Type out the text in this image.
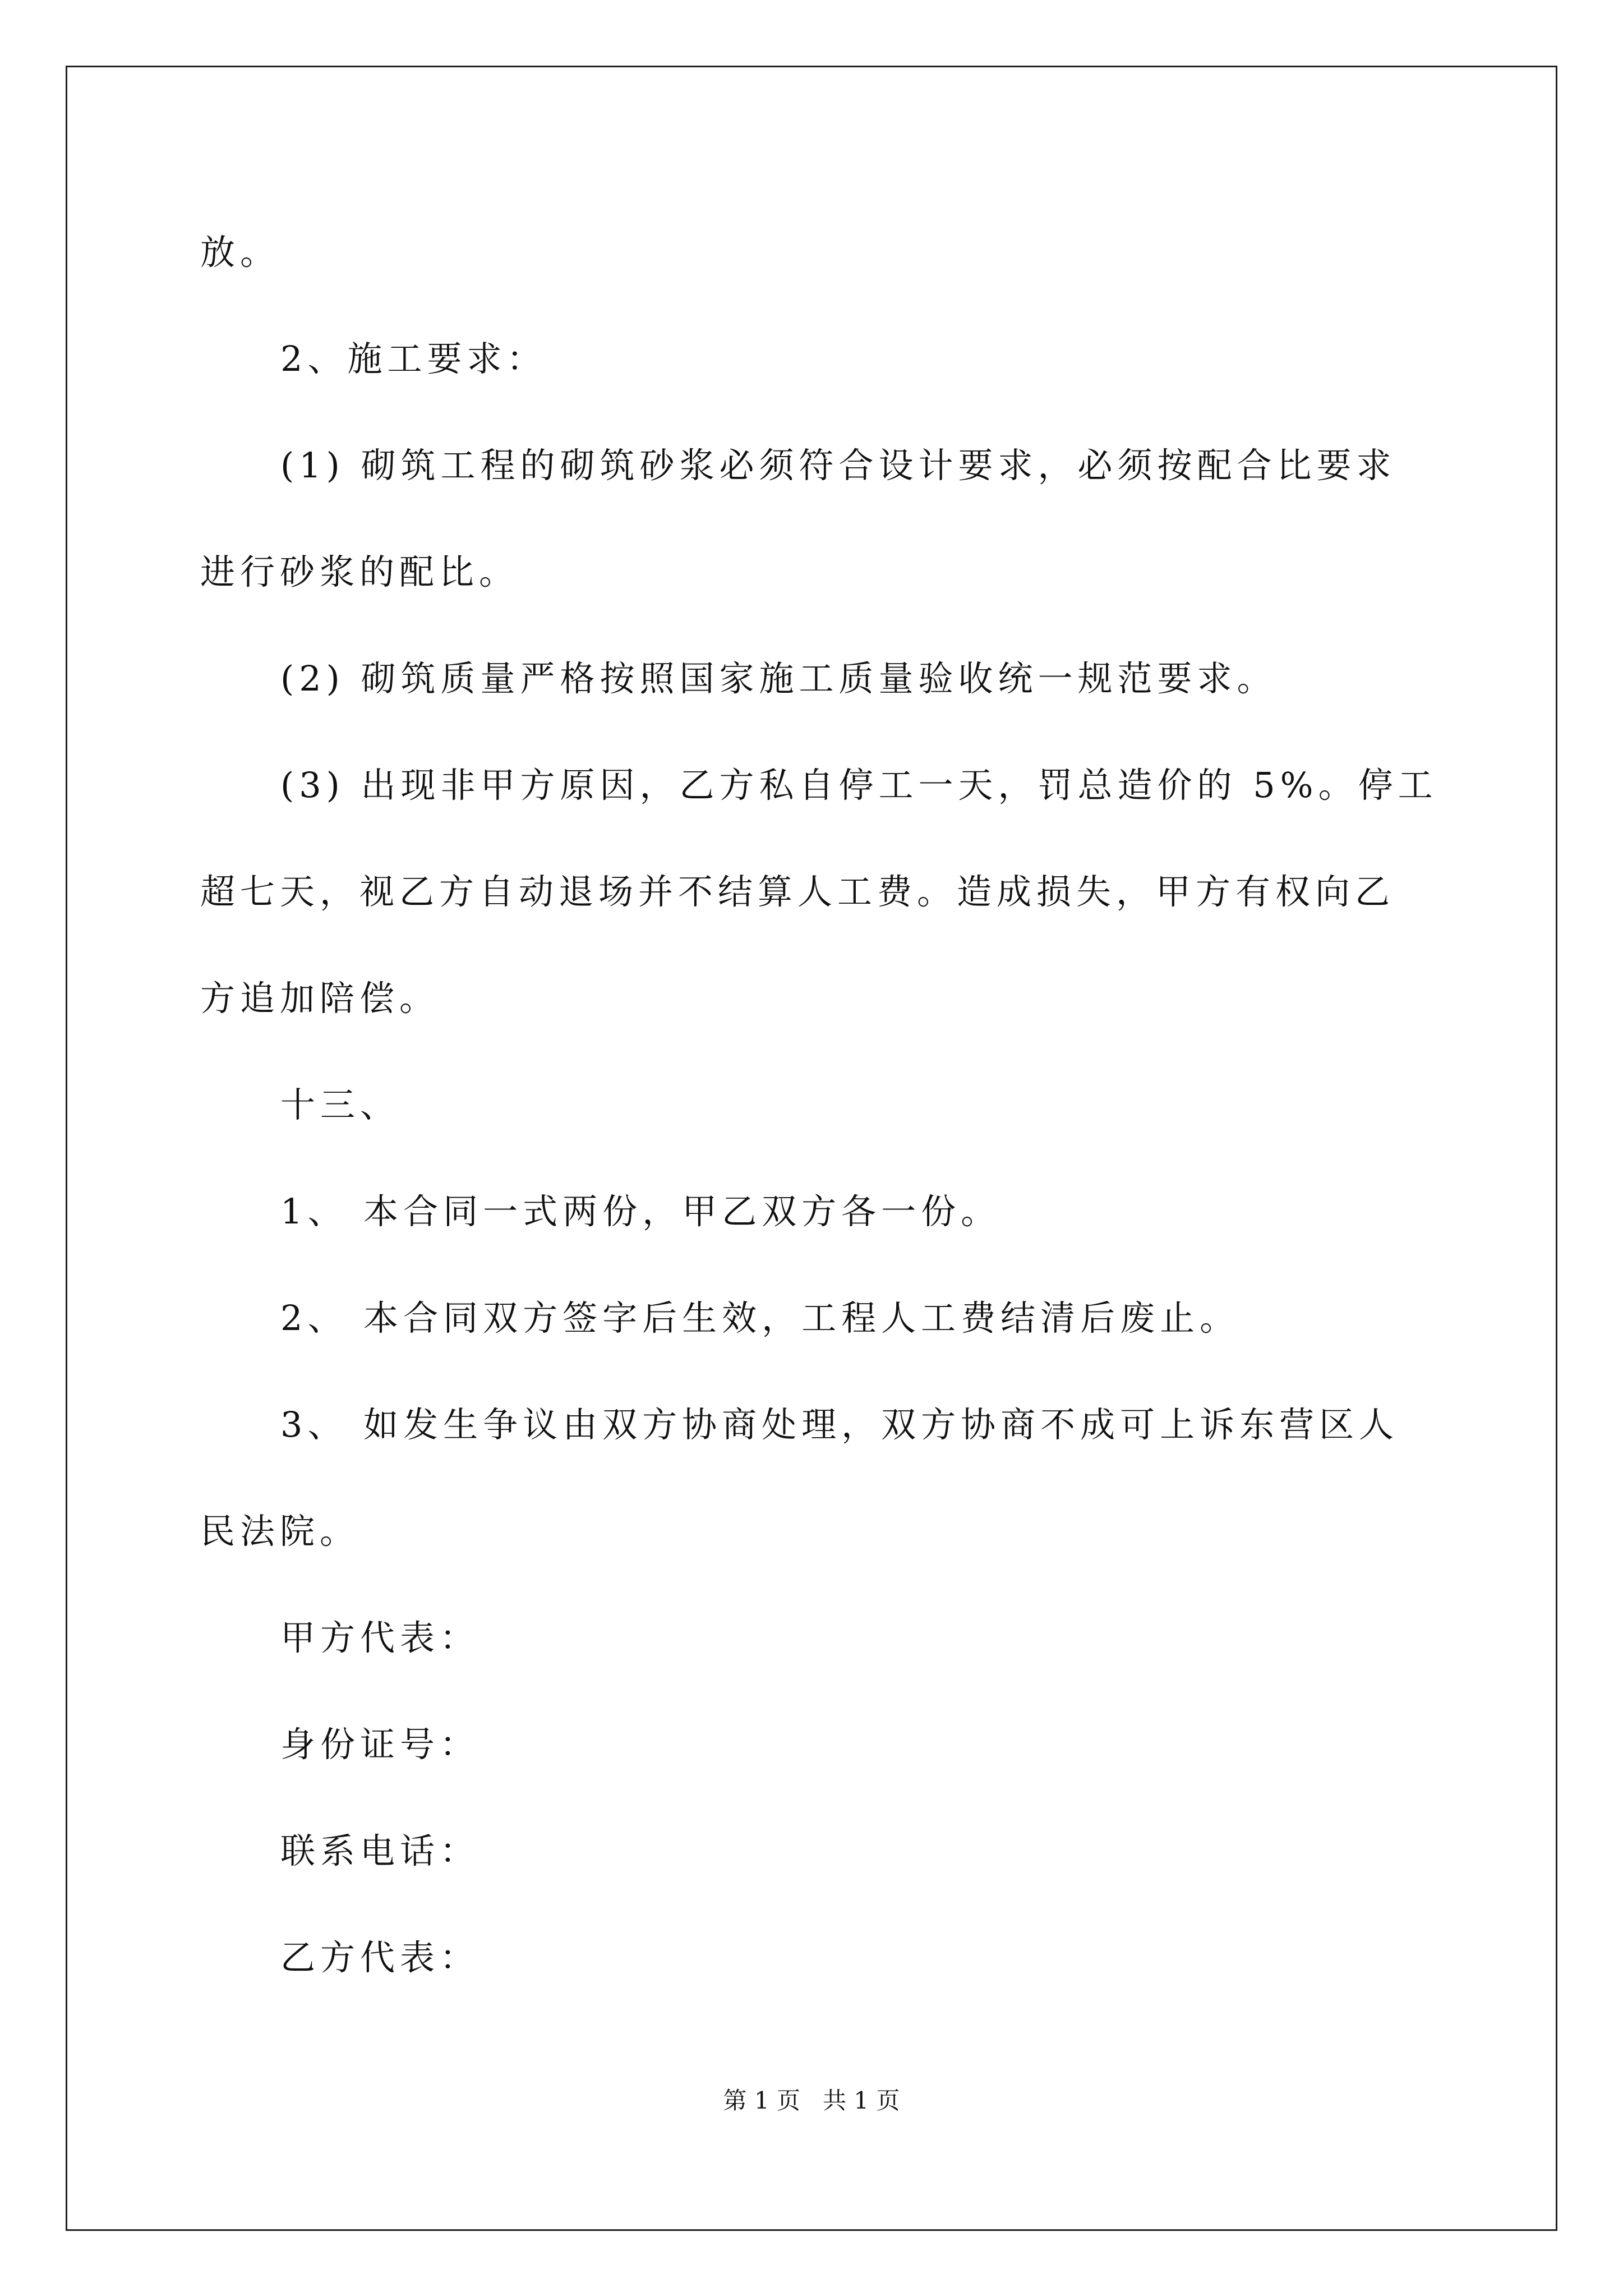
放。
2、施工要求：
(1) 砌筑工程的砌筑砂浆必须符合设计要求，必须按配合比要求
进行砂浆的配比。
(2) 砌筑质量严格按照国家施工质量验收统一规范要求。
(3) 出现非甲方原因，乙方私自停工一天，罚总造价的 5%。停工
超七天，视乙方自动退场并不结算人工费。造成损失，甲方有权向乙
方追加陪偿。
十三、
1、 本合同一式两份，甲乙双方各一份。
2、 本合同双方签字后生效，工程人工费结清后废止。
3、 如发生争议由双方协商处理，双方协商不成可上诉东营区人
民法院。
甲方代表：
身份证号：
联系电话：
乙方代表：
第 1 页   共 1 页
